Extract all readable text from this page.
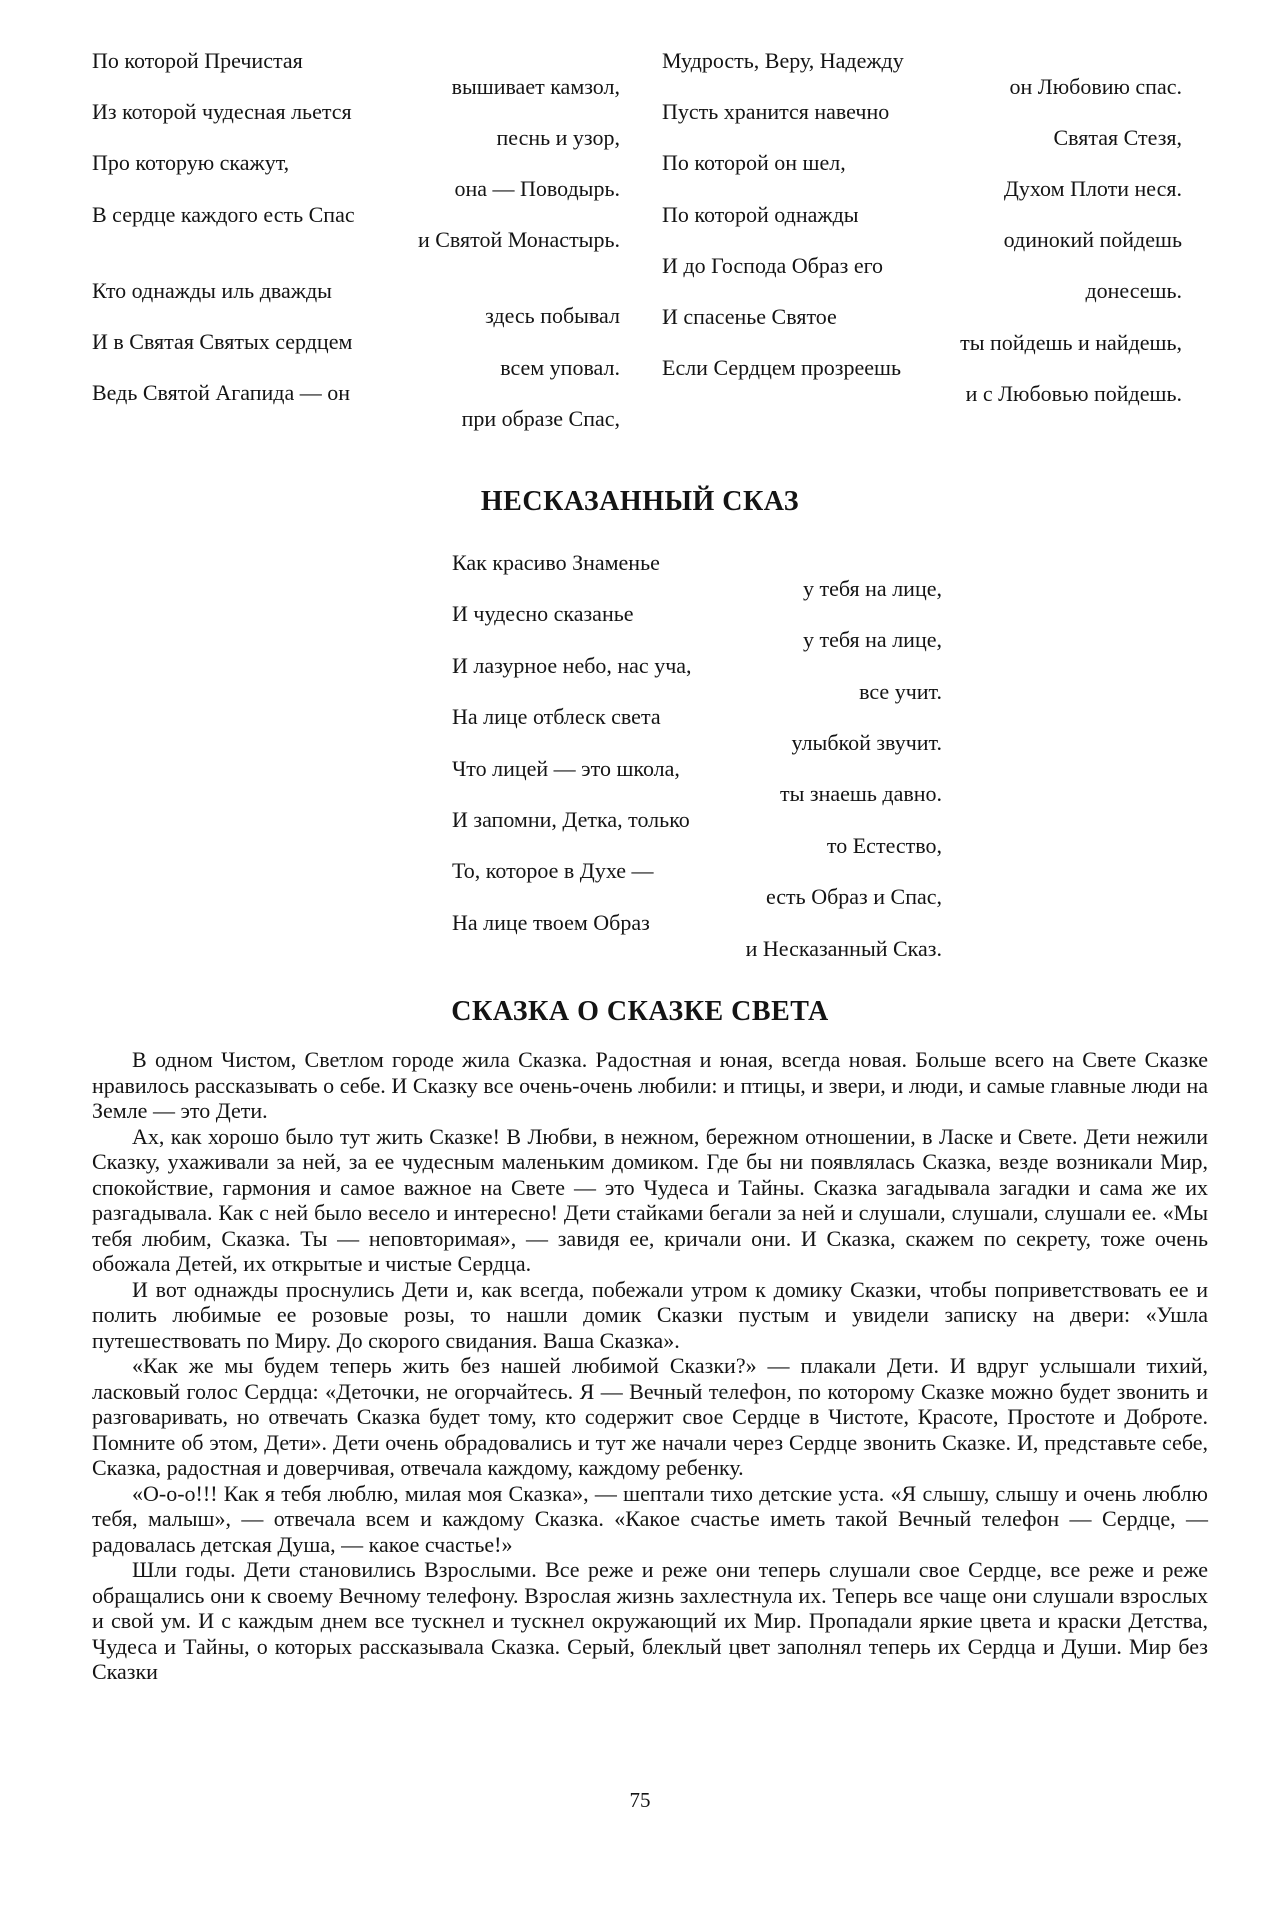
По которой Пречистая
вышивает камзол,
Из которой чудесная льется
песнь и узор,
Про которую скажут,
она — Поводырь.
В сердце каждого есть Спас
и Святой Монастырь.
Кто однажды иль дважды
здесь побывал
И в Святая Святых сердцем
всем уповал.
Ведь Святой Агапида — он
при образе Спас,
Мудрость, Веру, Надежду
он Любовию спас.
Пусть хранится навечно
Святая Стезя,
По которой он шел,
Духом Плоти неся.
По которой однажды
одинокий пойдешь
И до Господа Образ его
донесешь.
И спасенье Святое
ты пойдешь и найдешь,
Если Сердцем прозреешь
и с Любовью пойдешь.
НЕСКАЗАННЫЙ СКАЗ
Как красиво Знаменье
у тебя на лице,
И чудесно сказанье
у тебя на лице,
И лазурное небо, нас уча,
все учит.
На лице отблеск света
улыбкой звучит.
Что лицей — это школа,
ты знаешь давно.
И запомни, Детка, только
то Естество,
То, которое в Духе —
есть Образ и Спас,
На лице твоем Образ
и Несказанный Сказ.
СКАЗКА О СКАЗКЕ СВЕТА

В одном Чистом, Светлом городе жила Сказка. Радостная и юная, всегда новая. Больше всего на Свете Сказке нравилось рассказывать о себе. И Сказку все очень-очень любили: и птицы, и звери, и люди, и самые главные люди на Земле — это Дети.

Ах, как хорошо было тут жить Сказке! В Любви, в нежном, бережном отношении, в Ласке и Свете. Дети нежили Сказку, ухаживали за ней, за ее чудесным маленьким домиком. Где бы ни появлялась Сказка, везде возникали Мир, спокойствие, гармония и самое важное на Свете — это Чудеса и Тайны. Сказка загадывала загадки и сама же их разгадывала. Как с ней было весело и интересно! Дети стайками бегали за ней и слушали, слушали, слушали ее. «Мы тебя любим, Сказка. Ты — неповторимая», — завидя ее, кричали они. И Сказка, скажем по секрету, тоже очень обожала Детей, их открытые и чистые Сердца.

И вот однажды проснулись Дети и, как всегда, побежали утром к домику Сказки, чтобы поприветствовать ее и полить любимые ее розовые розы, то нашли домик Сказки пустым и увидели записку на двери: «Ушла путешествовать по Миру. До скорого свидания. Ваша Сказка».

«Как же мы будем теперь жить без нашей любимой Сказки?» — плакали Дети. И вдруг услышали тихий, ласковый голос Сердца: «Деточки, не огорчайтесь. Я — Вечный телефон, по которому Сказке можно будет звонить и разговаривать, но отвечать Сказка будет тому, кто содержит свое Сердце в Чистоте, Красоте, Простоте и Доброте. Помните об этом, Дети». Дети очень обрадовались и тут же начали через Сердце звонить Сказке. И, представьте себе, Сказка, радостная и доверчивая, отвечала каждому, каждому ребенку.

«О-о-о!!! Как я тебя люблю, милая моя Сказка», — шептали тихо детские уста. «Я слышу, слышу и очень люблю тебя, малыш», — отвечала всем и каждому Сказка. «Какое счастье иметь такой Вечный телефон — Сердце, — радовалась детская Душа, — какое счастье!»

Шли годы. Дети становились Взрослыми. Все реже и реже они теперь слушали свое Сердце, все реже и реже обращались они к своему Вечному телефону. Взрослая жизнь захлестнула их. Теперь все чаще они слушали взрослых и свой ум. И с каждым днем все тускнел и тускнел окружающий их Мир. Пропадали яркие цвета и краски Детства, Чудеса и Тайны, о которых рассказывала Сказка. Серый, блеклый цвет заполнял теперь их Сердца и Души. Мир без Сказки

75
